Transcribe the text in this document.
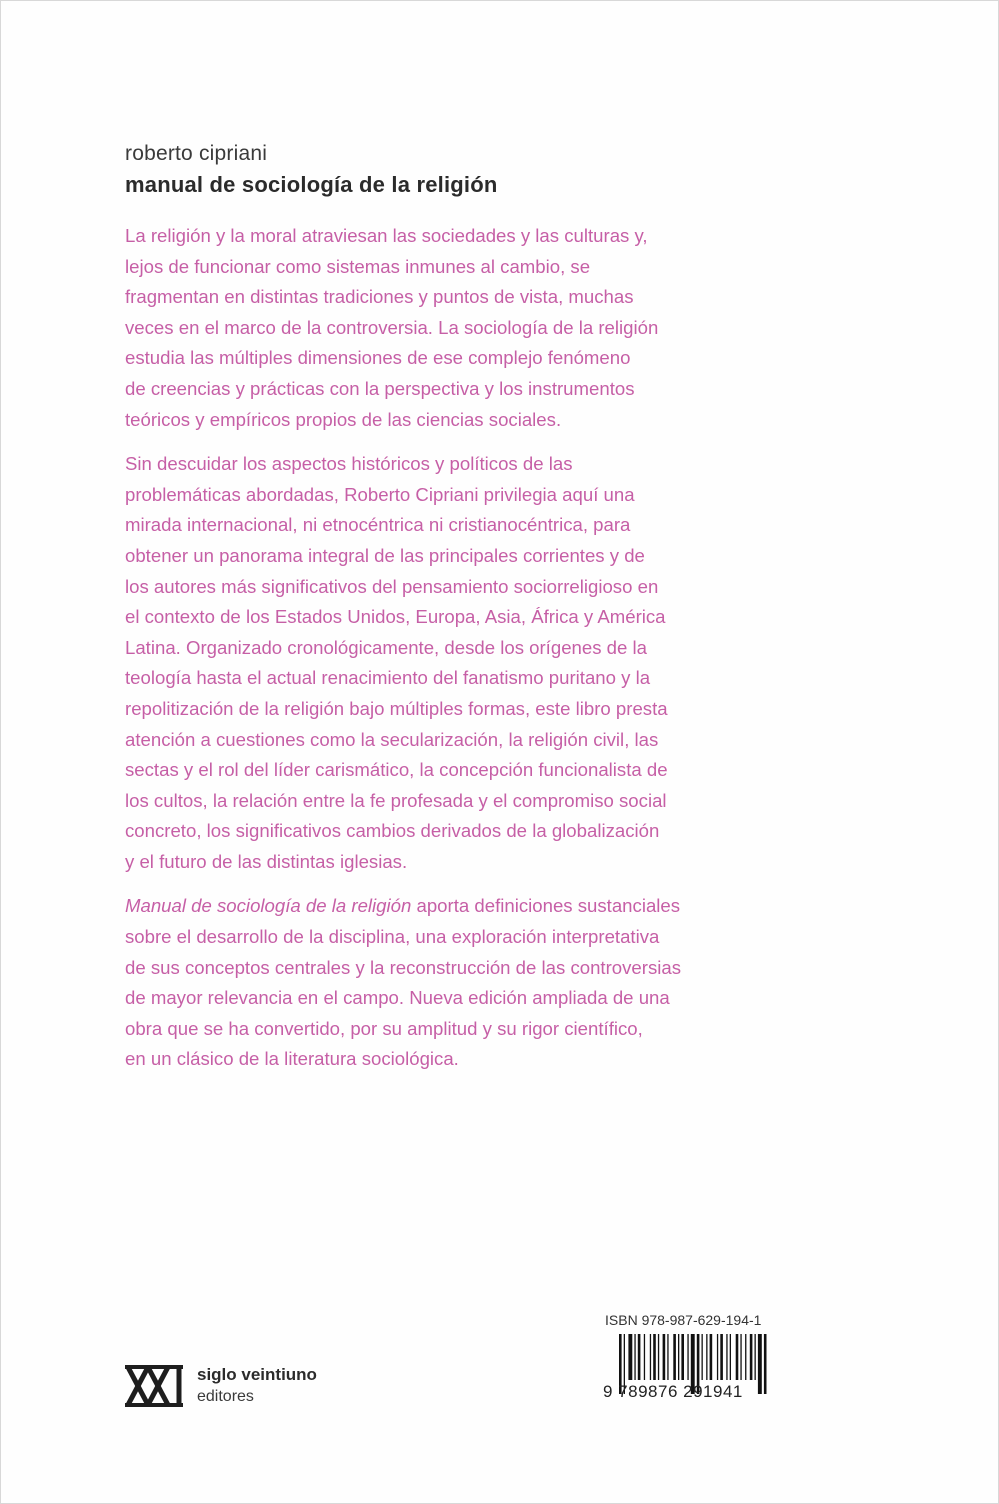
roberto cipriani
manual de sociología de la religión
La religión y la moral atraviesan las sociedades y las culturas y,
lejos de funcionar como sistemas inmunes al cambio, se
fragmentan en distintas tradiciones y puntos de vista, muchas
veces en el marco de la controversia. La sociología de la religión
estudia las múltiples dimensiones de ese complejo fenómeno
de creencias y prácticas con la perspectiva y los instrumentos
teóricos y empíricos propios de las ciencias sociales.
Sin descuidar los aspectos históricos y políticos de las
problemáticas abordadas, Roberto Cipriani privilegia aquí una
mirada internacional, ni etnocéntrica ni cristianocéntrica, para
obtener un panorama integral de las principales corrientes y de
los autores más significativos del pensamiento sociorreligioso en
el contexto de los Estados Unidos, Europa, Asia, África y América
Latina. Organizado cronológicamente, desde los orígenes de la
teología hasta el actual renacimiento del fanatismo puritano y la
repolitización de la religión bajo múltiples formas, este libro presta
atención a cuestiones como la secularización, la religión civil, las
sectas y el rol del líder carismático, la concepción funcionalista de
los cultos, la relación entre la fe profesada y el compromiso social
concreto, los significativos cambios derivados de la globalización
y el futuro de las distintas iglesias.
Manual de sociología de la religión aporta definiciones sustanciales
sobre el desarrollo de la disciplina, una exploración interpretativa
de sus conceptos centrales y la reconstrucción de las controversias
de mayor relevancia en el campo. Nueva edición ampliada de una
obra que se ha convertido, por su amplitud y su rigor científico,
en un clásico de la literatura sociológica.
siglo veintiuno
editores
ISBN 978-987-629-194-1
9 789876 291941
